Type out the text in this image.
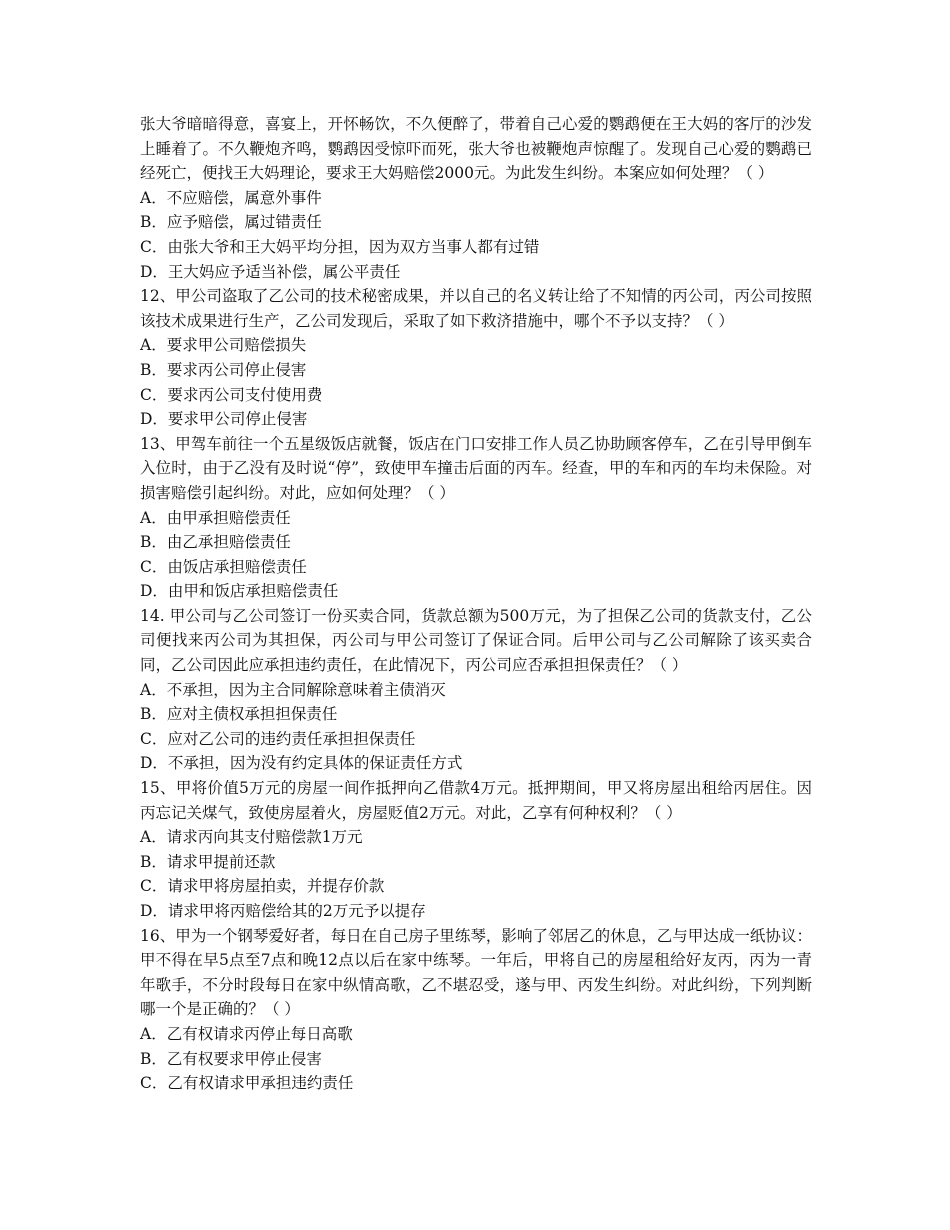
张大爷暗暗得意，喜宴上，开怀畅饮，不久便醉了，带着自己心爱的鹦鹉便在王大妈的客厅的沙发上睡着了。不久鞭炮齐鸣，鹦鹉因受惊吓而死，张大爷也被鞭炮声惊醒了。发现自己心爱的鹦鹉已经死亡，便找王大妈理论，要求王大妈赔偿2000元。为此发生纠纷。本案应如何处理？（ ）

A．不应赔偿，属意外事件

B．应予赔偿，属过错责任

C．由张大爷和王大妈平均分担，因为双方当事人都有过错

D．王大妈应予适当补偿，属公平责任

12、甲公司盗取了乙公司的技术秘密成果，并以自己的名义转让给了不知情的丙公司，丙公司按照该技术成果进行生产，乙公司发现后，采取了如下救济措施中，哪个不予以支持？（ ）

A．要求甲公司赔偿损失

B．要求丙公司停止侵害

C．要求丙公司支付使用费

D．要求甲公司停止侵害

13、甲驾车前往一个五星级饭店就餐，饭店在门口安排工作人员乙协助顾客停车，乙在引导甲倒车入位时，由于乙没有及时说“停”，致使甲车撞击后面的丙车。经查，甲的车和丙的车均未保险。对损害赔偿引起纠纷。对此，应如何处理？（ ）

A．由甲承担赔偿责任

B．由乙承担赔偿责任

C．由饭店承担赔偿责任

D．由甲和饭店承担赔偿责任

14. 甲公司与乙公司签订一份买卖合同，货款总额为500万元，为了担保乙公司的货款支付，乙公司便找来丙公司为其担保，丙公司与甲公司签订了保证合同。后甲公司与乙公司解除了该买卖合同，乙公司因此应承担违约责任，在此情况下，丙公司应否承担担保责任？（ ）

A．不承担，因为主合同解除意味着主债消灭

B．应对主债权承担担保责任

C．应对乙公司的违约责任承担担保责任

D．不承担，因为没有约定具体的保证责任方式

15、甲将价值5万元的房屋一间作抵押向乙借款4万元。抵押期间，甲又将房屋出租给丙居住。因丙忘记关煤气，致使房屋着火，房屋贬值2万元。对此，乙享有何种权利？（ ）

A．请求丙向其支付赔偿款1万元

B．请求甲提前还款

C．请求甲将房屋拍卖，并提存价款

D．请求甲将丙赔偿给其的2万元予以提存

16、甲为一个钢琴爱好者，每日在自己房子里练琴，影响了邻居乙的休息，乙与甲达成一纸协议：甲不得在早5点至7点和晚12点以后在家中练琴。一年后，甲将自己的房屋租给好友丙，丙为一青年歌手，不分时段每日在家中纵情高歌，乙不堪忍受，遂与甲、丙发生纠纷。对此纠纷，下列判断哪一个是正确的？（ ）

A．乙有权请求丙停止每日高歌

B．乙有权要求甲停止侵害

C．乙有权请求甲承担违约责任
